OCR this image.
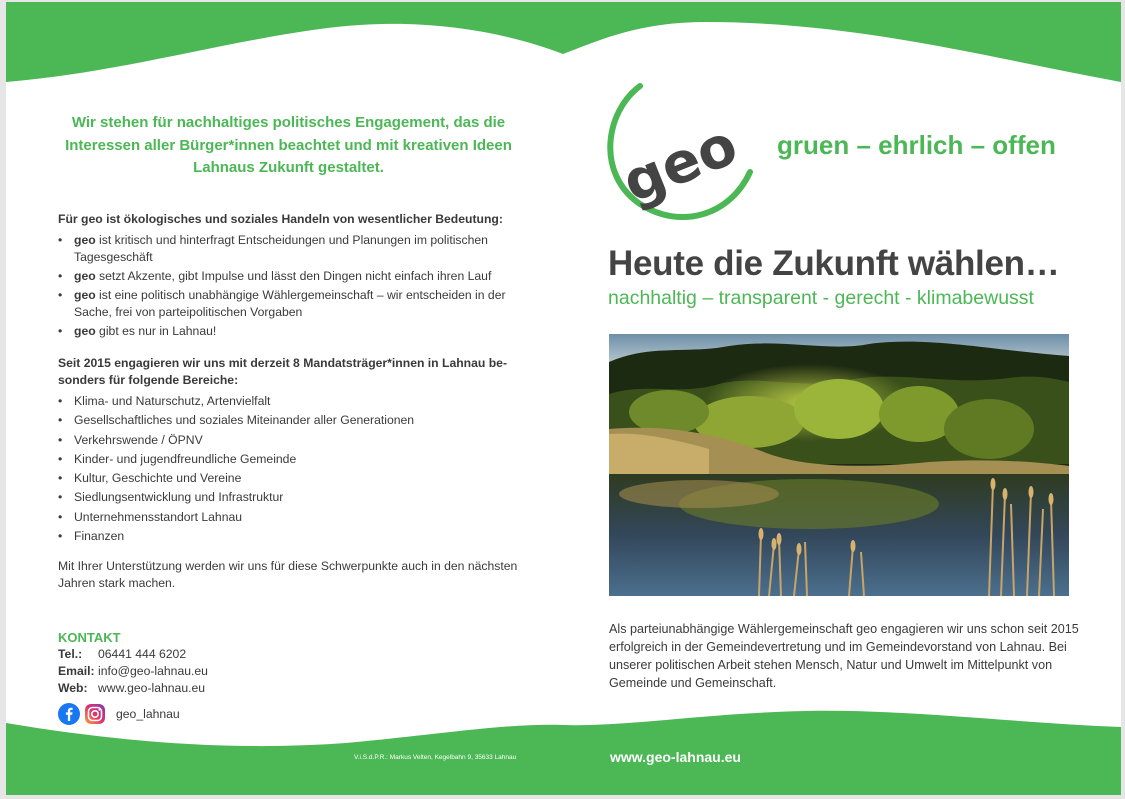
Wir stehen für nachhaltiges politisches Engagement, das die Interessen aller Bürger*innen beachtet und mit kreativen Ideen Lahnaus Zukunft gestaltet.
Für geo ist ökologisches und soziales Handeln von wesentlicher Bedeutung:
• geo ist kritisch und hinterfragt Entscheidungen und Planungen im politischen Tagesgeschäft
• geo setzt Akzente, gibt Impulse und lässt den Dingen nicht einfach ihren Lauf
• geo ist eine politisch unabhängige Wählergemeinschaft – wir entscheiden in der Sache, frei von parteipolitischen Vorgaben
• geo gibt es nur in Lahnau!
Seit 2015 engagieren wir uns mit derzeit 8 Mandatsträger*innen in Lahnau be-sonders für folgende Bereiche:
• Klima- und Naturschutz, Artenvielfalt
• Gesellschaftliches und soziales Miteinander aller Generationen
• Verkehrswende / ÖPNV
• Kinder- und jugendfreundliche Gemeinde
• Kultur, Geschichte und Vereine
• Siedlungsentwicklung und Infrastruktur
• Unternehmensstandort Lahnau
• Finanzen
Mit Ihrer Unterstützung werden wir uns für diese Schwerpunkte auch in den nächsten Jahren stark machen.
KONTAKT
Tel.: 06441 444 6202
Email: info@geo-lahnau.eu
Web: www.geo-lahnau.eu
geo_lahnau
geo gruen – ehrlich – offen
Heute die Zukunft wählen…
nachhaltig – transparent - gerecht - klimabewusst
Als parteiunabhängige Wählergemeinschaft geo engagieren wir uns schon seit 2015 erfolgreich in der Gemeindevertretung und im Gemeindevorstand von Lahnau. Bei unserer politischen Arbeit stehen Mensch, Natur und Umwelt im Mittelpunkt von Gemeinde und Gemeinschaft.
V.i.S.d.P.R.: Markus Velten, Kegelbahn 9, 35633 Lahnau	www.geo-lahnau.eu
